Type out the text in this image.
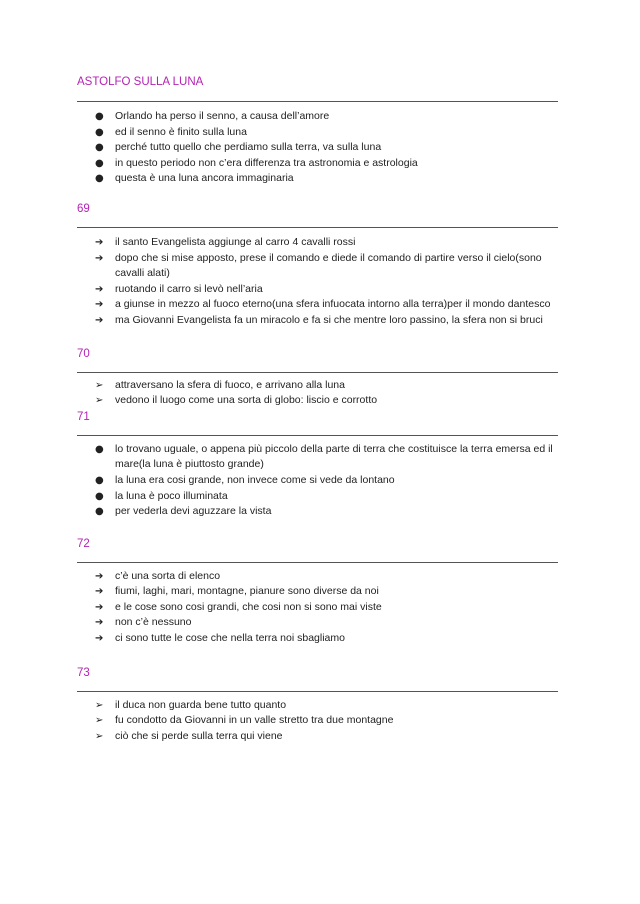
ASTOLFO SULLA LUNA
●	Orlando ha perso il senno, a causa dell’amore
●	ed il senno è finito sulla luna
●	perché tutto quello che perdiamo sulla terra, va sulla luna
●	in questo periodo non c’era differenza tra astronomia e astrologia
●	questa è una luna ancora immaginaria
69
➔	il santo Evangelista aggiunge al carro 4 cavalli rossi
➔	dopo che si mise apposto, prese il comando e diede il comando di partire verso il cielo(sono cavalli alati)
➔	ruotando il carro si levò nell’aria
➔	a giunse in mezzo al fuoco eterno(una sfera infuocata intorno alla terra)per il mondo dantesco
➔	ma Giovanni Evangelista fa un miracolo e fa si che mentre loro passino, la sfera non si bruci
70
➢	attraversano la sfera di fuoco, e arrivano alla luna
➢	vedono il luogo come una sorta di globo: liscio e corrotto
71
●	lo trovano uguale, o appena più piccolo della parte di terra che costituisce la terra emersa ed il mare(la luna è piuttosto grande)
●	la luna era cosi grande, non invece come si vede da lontano
●	la luna è poco illuminata
●	per vederla devi aguzzare la vista
72
➔	c’è una sorta di elenco
➔	fiumi, laghi, mari, montagne, pianure sono diverse da noi
➔	e le cose sono cosi grandi, che cosi non si sono mai viste
➔	non c’è nessuno
➔	ci sono tutte le cose che nella terra noi sbagliamo
73
➢	il duca non guarda bene tutto quanto
➢	fu condotto da Giovanni in un valle stretto tra due montagne
➢	ciò che si perde sulla terra qui viene
